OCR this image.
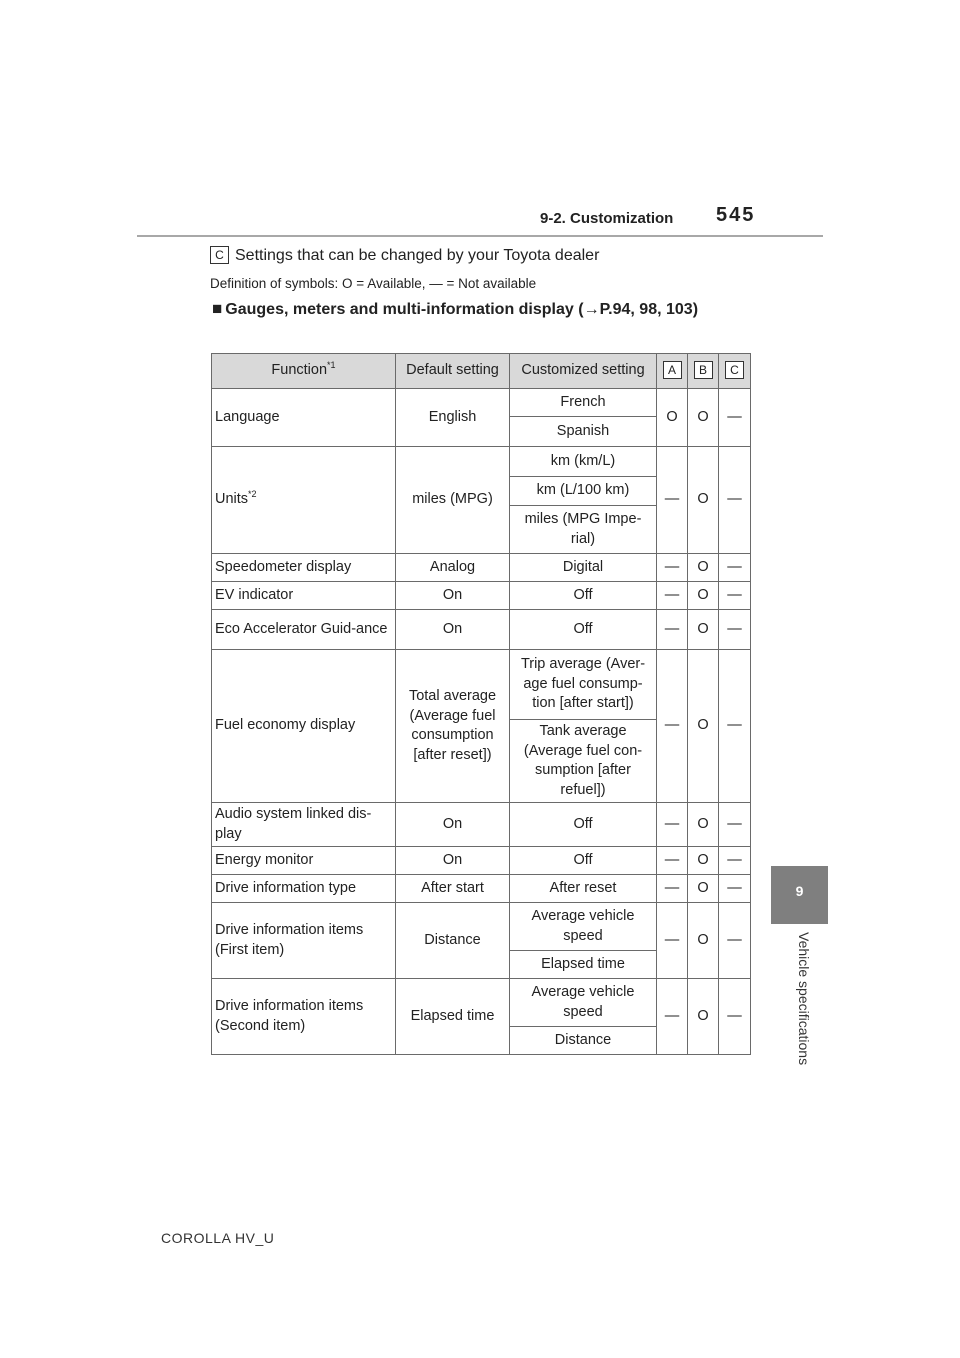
9-2. Customization 545
9
Vehicle specifications
C Settings that can be changed by your Toyota dealer
Definition of symbols: O = Available, — = Not available
■ Gauges, meters and multi-information display (→P.94, 98, 103)
Function$^{*1}$	Default setting	Customized setting	A	B	C
Language	English	French	O	O	—
		Spanish			
Units$^{*2}$	miles (MPG)	km (km/L)	—	O	—
		km (L/100 km)			
		miles (MPG Impe-rial)			
Speedometer display	Analog	Digital	—	O	—
EV indicator	On	Off	—	O	—
Eco Accelerator Guid-ance	On	Off	—	O	—
Fuel economy display	Total average (Average fuel consumption [after reset])	Trip average (Aver-age fuel consump-tion [after start])	—	O	—
		Tank average (Average fuel con-sumption [after refuel])			
Audio system linked dis-play	On	Off	—	O	—
Energy monitor	On	Off	—	O	—
Drive information type	After start	After reset	—	O	—
Drive information items (First item)	Distance	Average vehicle speed	—	O	—
		Elapsed time			
Drive information items (Second item)	Elapsed time	Average vehicle speed	—	O	—
		Distance			
COROLLA HV_U
